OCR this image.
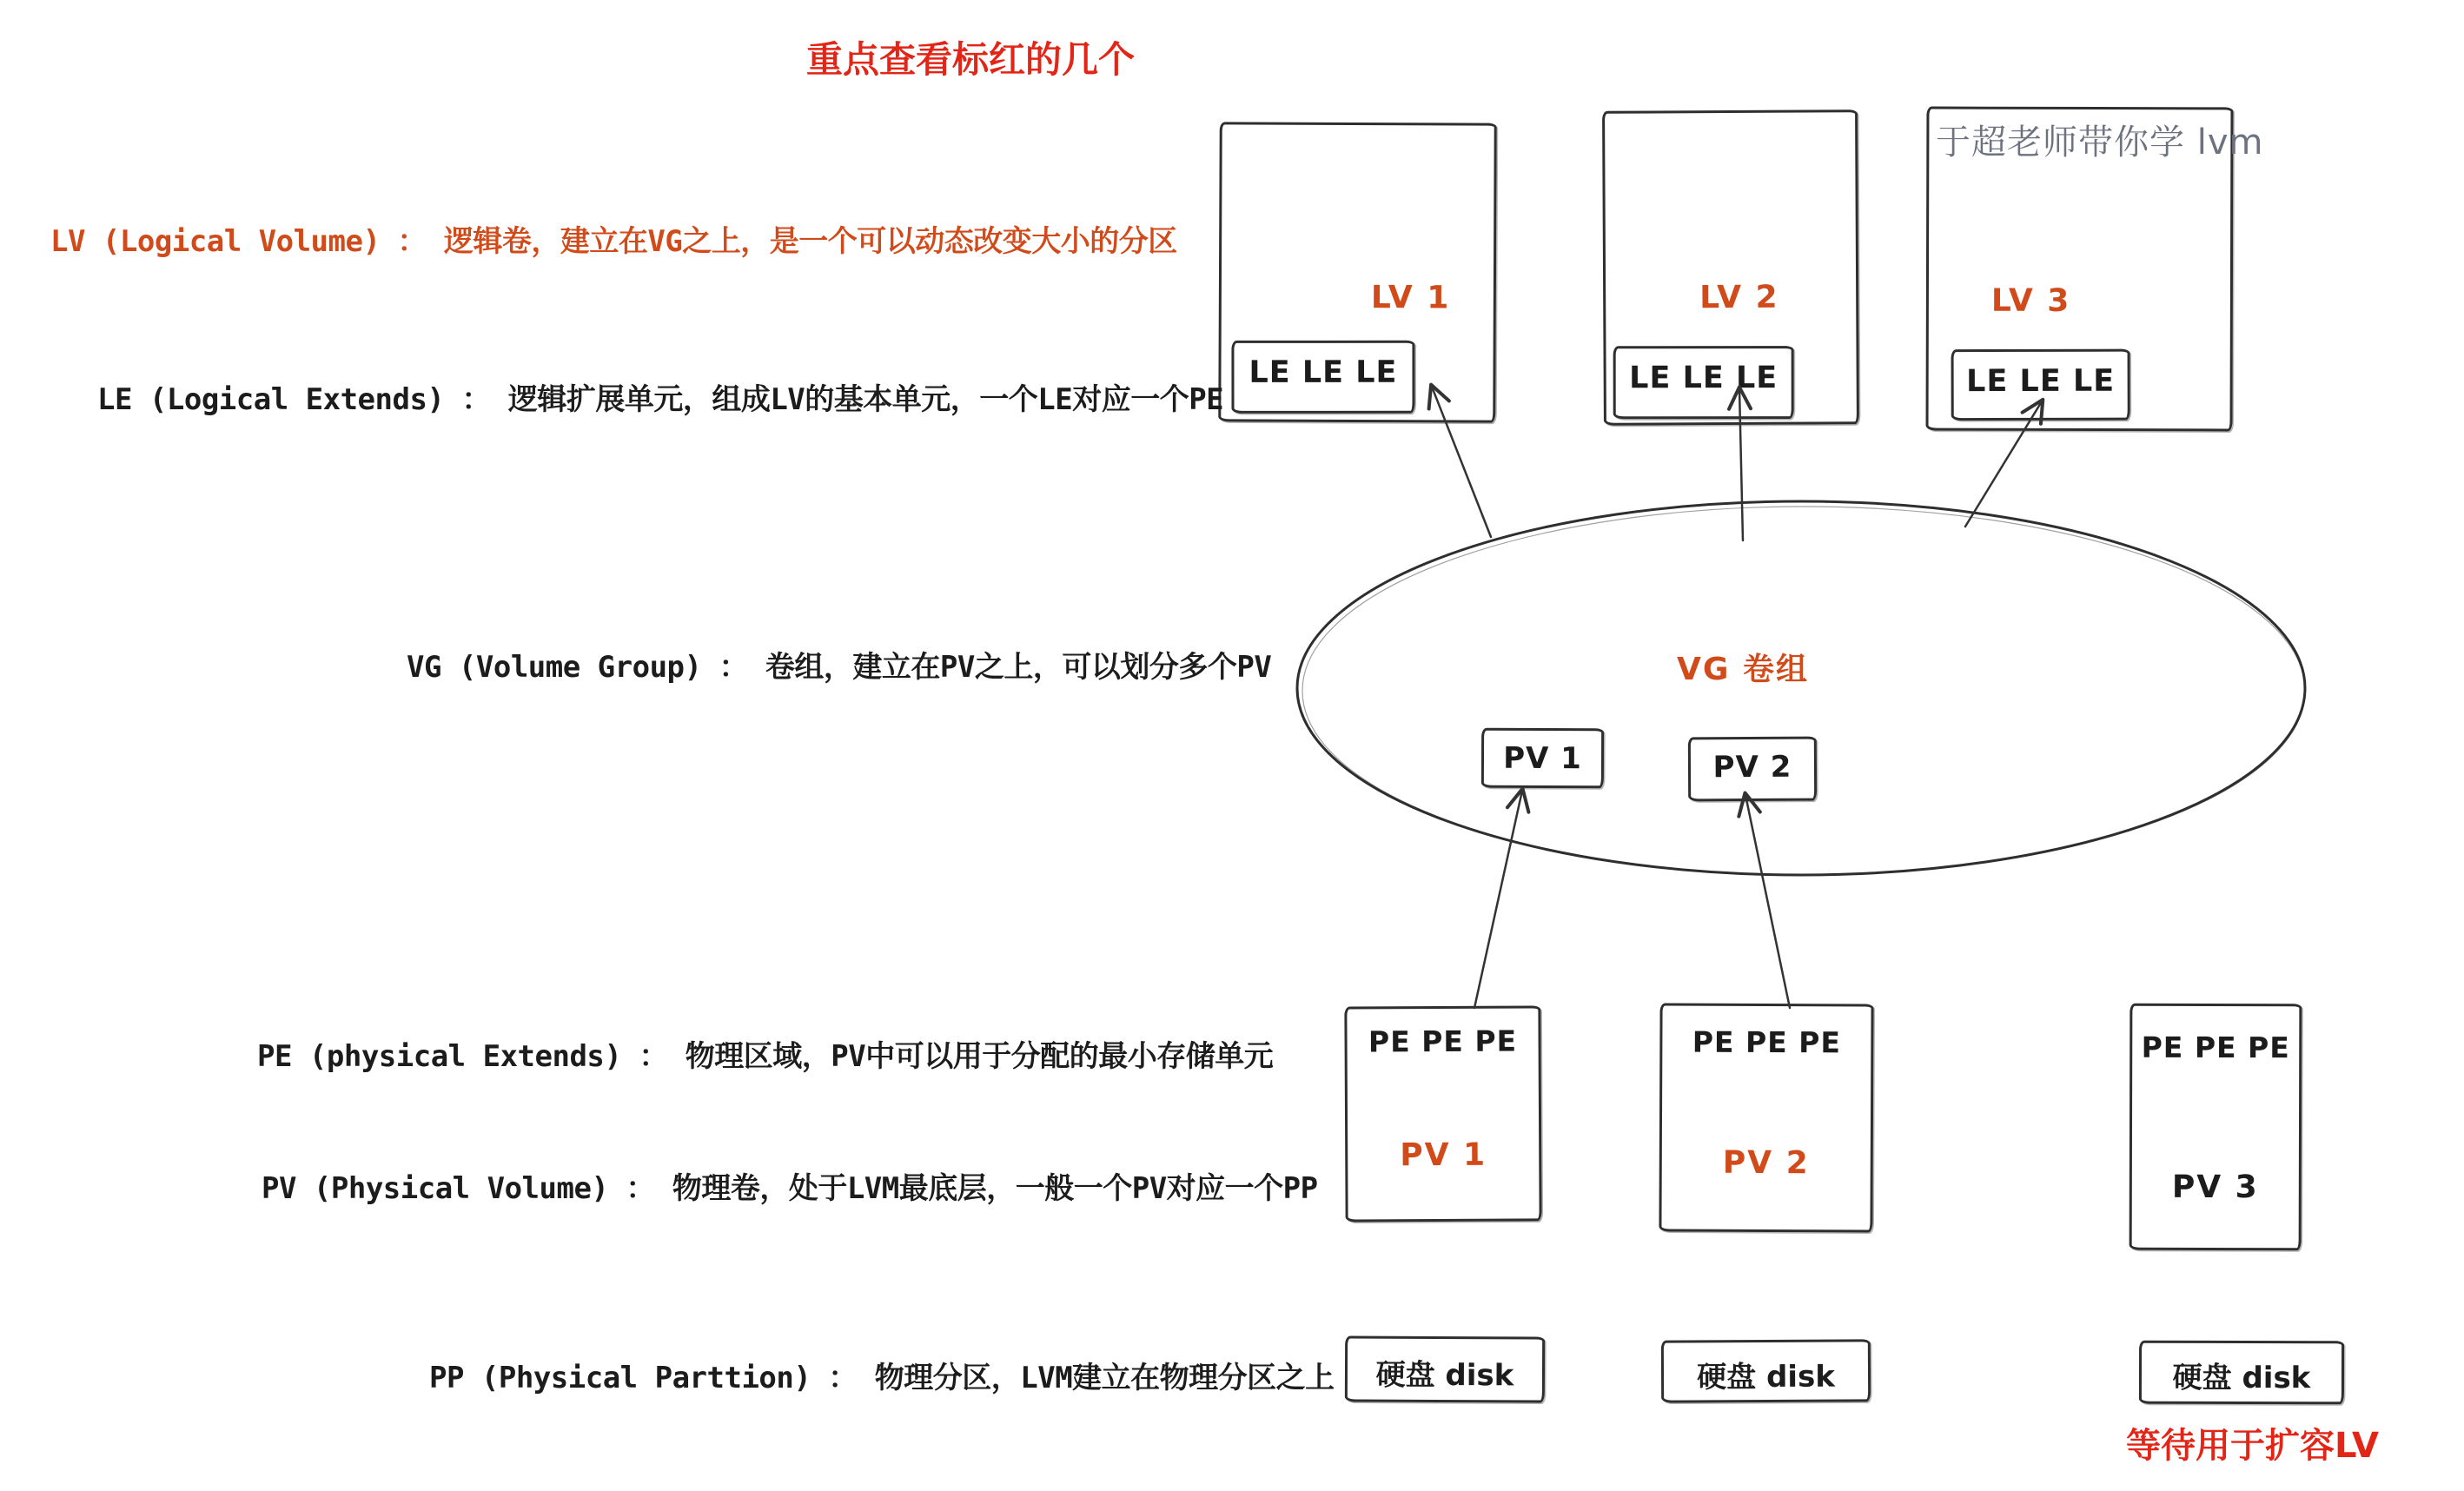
LV (Logical Volume) ： 逻辑卷，建立在VG之上，是一个可以动态改变大小的分区
LE (Logical Extends) ： 逻辑扩展单元，组成LV的基本单元，一个LE对应一个PE
VG (Volume Group) ： 卷组，建立在PV之上，可以划分多个PV
PE (physical Extends) ： 物理区域，PV中可以用于分配的最小存储单元
PV (Physical Volume) ： 物理卷，处于LVM最底层，一般一个PV对应一个PP
PP (Physical Parttion) ： 物理分区，LVM建立在物理分区之上
重点查看标红的几个
于超老师带你学 lvm
等待用于扩容LV
LV 1
LE LE LE
LV 2
LE LE LE
LV 3
LE LE LE
VG 卷组
PV 1	PV 2
PE PE PE
PV 1
PE PE PE
PV 2
PE PE PE
PV 3
硬盘 disk	硬盘 disk	硬盘 disk
